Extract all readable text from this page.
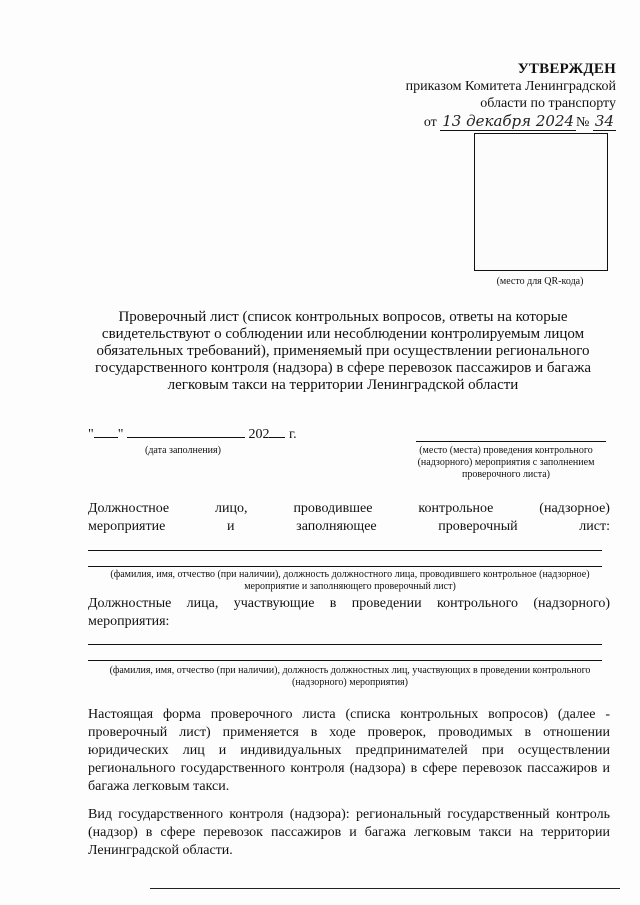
УТВЕРЖДЕН
приказом Комитета Ленинградской
области по транспорту
от 13 декабря 2024 № 34
(место для QR-кода)
Проверочный лист (список контрольных вопросов, ответы на которые свидетельствуют о соблюдении или несоблюдении контролируемым лицом обязательных требований), применяемый при осуществлении регионального государственного контроля (надзора) в сфере перевозок пассажиров и багажа легковым такси на территории Ленинградской области
" "	202 г.
(дата заполнения)	(место (места) проведения контрольного (надзорного) мероприятия с заполнением проверочного листа)
Должностное	лицо,	проводившее	контрольное	(надзорное)
мероприятие	и	заполняющее	проверочный	лист:
(фамилия, имя, отчество (при наличии), должность должностного лица, проводившего контрольное (надзорное) мероприятие и заполняющего проверочный лист)
Должностные лица, участвующие в проведении контрольного (надзорного) мероприятия:
(фамилия, имя, отчество (при наличии), должность должностных лиц, участвующих в проведении контрольного (надзорного) мероприятия)
Настоящая форма проверочного листа (списка контрольных вопросов) (далее - проверочный лист) применяется в ходе проверок, проводимых в отношении юридических лиц и индивидуальных предпринимателей при осуществлении регионального государственного контроля (надзора) в сфере перевозок пассажиров и багажа легковым такси.
Вид государственного контроля (надзора): региональный государственный контроль (надзор) в сфере перевозок пассажиров и багажа легковым такси на территории Ленинградской области.
